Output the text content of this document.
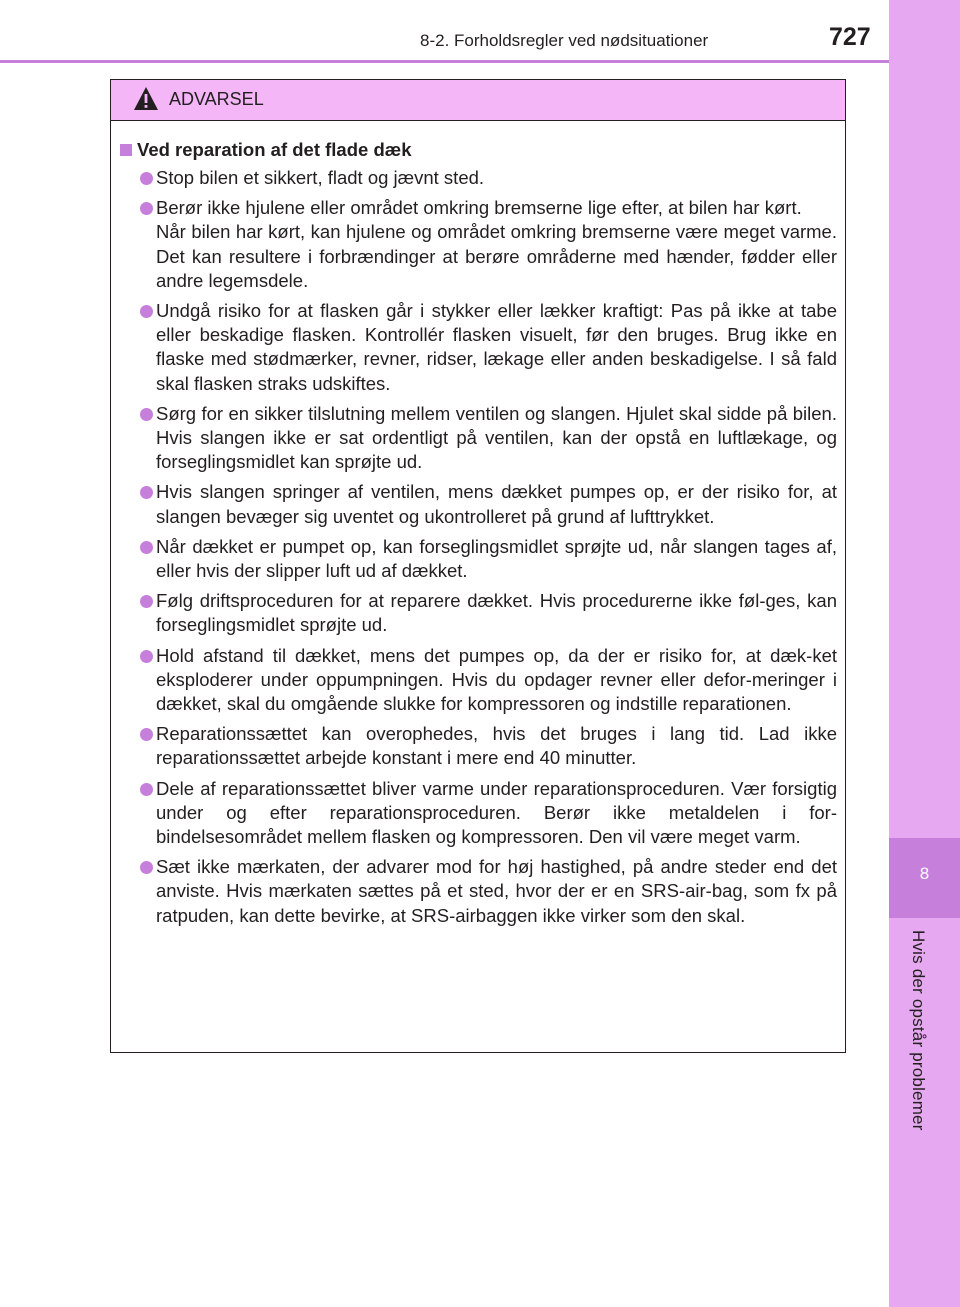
8
Hvis der opstår problemer
8-2. Forholdsregler ved nødsituationer	727
ADVARSEL
Ved reparation af det flade dæk
Stop bilen et sikkert, fladt og jævnt sted.
Berør ikke hjulene eller området omkring bremserne lige efter, at bilen har kørt.
Når bilen har kørt, kan hjulene og området omkring bremserne være meget varme. Det kan resultere i forbrændinger at berøre områderne med hænder, fødder eller andre legemsdele.
Undgå risiko for at flasken går i stykker eller lækker kraftigt: Pas på ikke at tabe eller beskadige flasken. Kontrollér flasken visuelt, før den bruges. Brug ikke en flaske med stødmærker, revner, ridser, lækage eller anden beskadigelse. I så fald skal flasken straks udskiftes.
Sørg for en sikker tilslutning mellem ventilen og slangen. Hjulet skal sidde på bilen. Hvis slangen ikke er sat ordentligt på ventilen, kan der opstå en luftlækage, og forseglingsmidlet kan sprøjte ud.
Hvis slangen springer af ventilen, mens dækket pumpes op, er der risiko for, at slangen bevæger sig uventet og ukontrolleret på grund af lufttrykket.
Når dækket er pumpet op, kan forseglingsmidlet sprøjte ud, når slangen tages af, eller hvis der slipper luft ud af dækket.
Følg driftsproceduren for at reparere dækket. Hvis procedurerne ikke føl-ges, kan forseglingsmidlet sprøjte ud.
Hold afstand til dækket, mens det pumpes op, da der er risiko for, at dæk-ket eksploderer under oppumpningen. Hvis du opdager revner eller defor-meringer i dækket, skal du omgående slukke for kompressoren og indstille reparationen.
Reparationssættet kan overophedes, hvis det bruges i lang tid. Lad ikke reparationssættet arbejde konstant i mere end 40 minutter.
Dele af reparationssættet bliver varme under reparationsproceduren. Vær forsigtig under og efter reparationsproceduren. Berør ikke metaldelen i for-bindelsesområdet mellem flasken og kompressoren. Den vil være meget varm.
Sæt ikke mærkaten, der advarer mod for høj hastighed, på andre steder end det anviste. Hvis mærkaten sættes på et sted, hvor der er en SRS-air-bag, som fx på ratpuden, kan dette bevirke, at SRS-airbaggen ikke virker som den skal.
